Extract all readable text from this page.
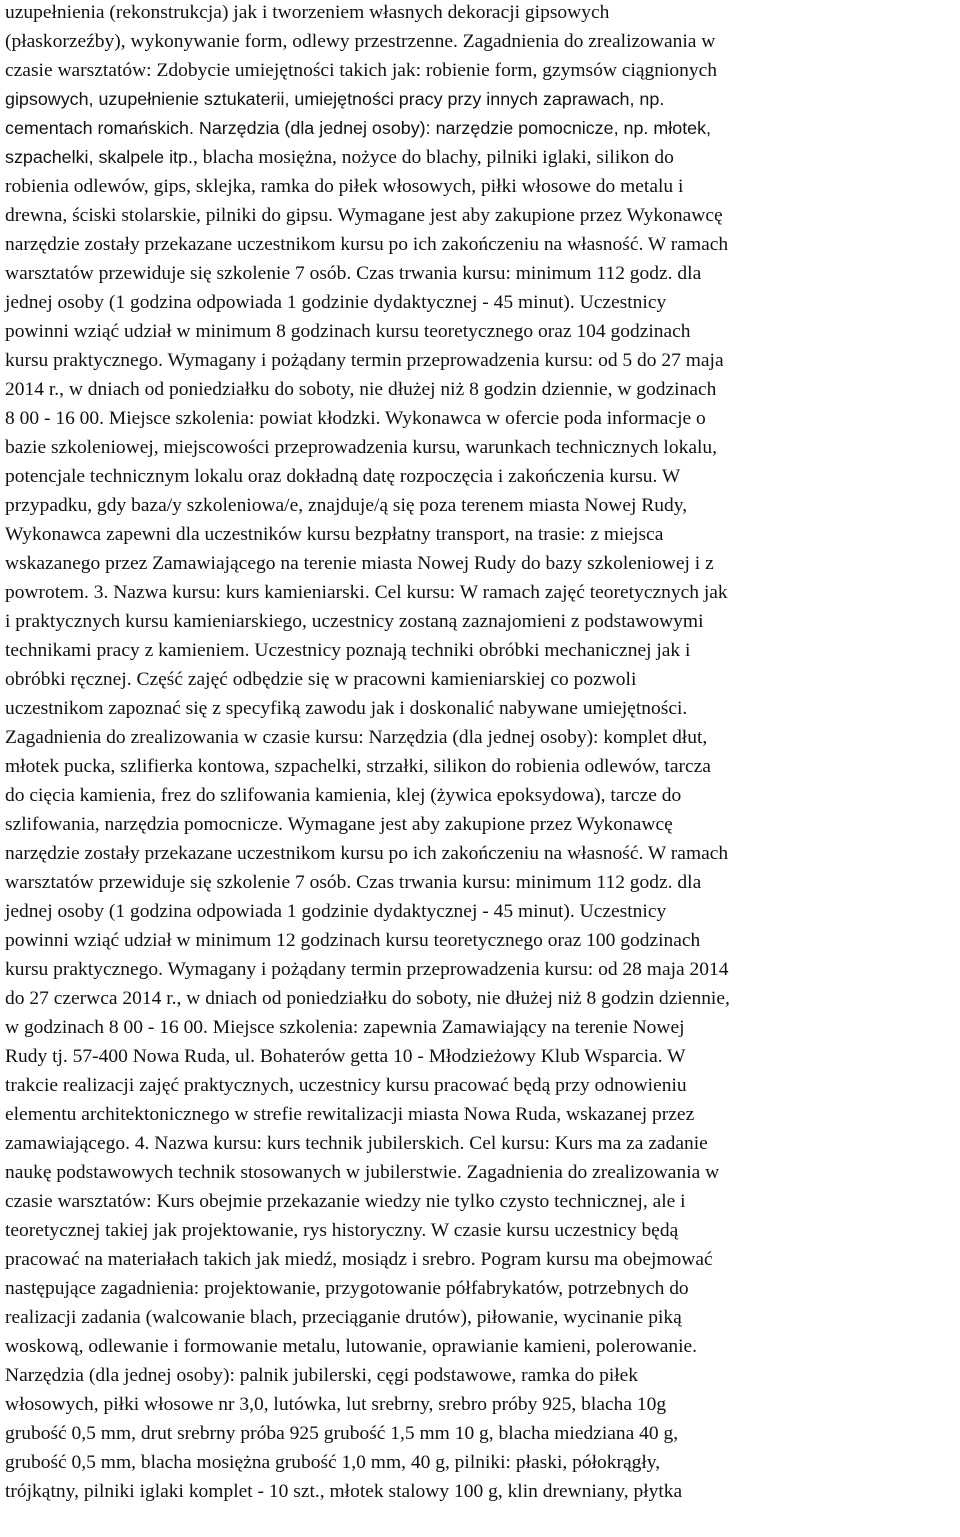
uzupełnienia (rekonstrukcja) jak i tworzeniem własnych dekoracji gipsowych
(płaskorzeźby), wykonywanie form, odlewy przestrzenne. Zagadnienia do zrealizowania w
czasie warsztatów: Zdobycie umiejętności takich jak: robienie form, gzymsów ciągnionych
gipsowych, uzupełnienie sztukaterii, umiejętności pracy przy innych zaprawach, np.
cementach romańskich. Narzędzia (dla jednej osoby): narzędzie pomocnicze, np. młotek,
szpachelki, skalpele itp., blacha mosiężna, nożyce do blachy, pilniki iglaki, silikon do
robienia odlewów, gips, sklejka, ramka do piłek włosowych, piłki włosowe do metalu i
drewna, ściski stolarskie, pilniki do gipsu. Wymagane jest aby zakupione przez Wykonawcę
narzędzie zostały przekazane uczestnikom kursu po ich zakończeniu na własność. W ramach
warsztatów przewiduje się szkolenie 7 osób. Czas trwania kursu: minimum 112 godz. dla
jednej osoby (1 godzina odpowiada 1 godzinie dydaktycznej - 45 minut). Uczestnicy
powinni wziąć udział w minimum 8 godzinach kursu teoretycznego oraz 104 godzinach
kursu praktycznego. Wymagany i pożądany termin przeprowadzenia kursu: od 5 do 27 maja
2014 r., w dniach od poniedziałku do soboty, nie dłużej niż 8 godzin dziennie, w godzinach
8 00 - 16 00. Miejsce szkolenia: powiat kłodzki. Wykonawca w ofercie poda informacje o
bazie szkoleniowej, miejscowości przeprowadzenia kursu, warunkach technicznych lokalu,
potencjale technicznym lokalu oraz dokładną datę rozpoczęcia i zakończenia kursu. W
przypadku, gdy baza/y szkoleniowa/e, znajduje/ą się poza terenem miasta Nowej Rudy,
Wykonawca zapewni dla uczestników kursu bezpłatny transport, na trasie: z miejsca
wskazanego przez Zamawiającego na terenie miasta Nowej Rudy do bazy szkoleniowej i z
powrotem. 3. Nazwa kursu: kurs kamieniarski. Cel kursu: W ramach zajęć teoretycznych jak
i praktycznych kursu kamieniarskiego, uczestnicy zostaną zaznajomieni z podstawowymi
technikami pracy z kamieniem. Uczestnicy poznają techniki obróbki mechanicznej jak i
obróbki ręcznej. Część zajęć odbędzie się w pracowni kamieniarskiej co pozwoli
uczestnikom zapoznać się z specyfiką zawodu jak i doskonalić nabywane umiejętności.
Zagadnienia do zrealizowania w czasie kursu: Narzędzia (dla jednej osoby): komplet dłut,
młotek pucka, szlifierka kontowa, szpachelki, strzałki, silikon do robienia odlewów, tarcza
do cięcia kamienia, frez do szlifowania kamienia, klej (żywica epoksydowa), tarcze do
szlifowania, narzędzia pomocnicze. Wymagane jest aby zakupione przez Wykonawcę
narzędzie zostały przekazane uczestnikom kursu po ich zakończeniu na własność. W ramach
warsztatów przewiduje się szkolenie 7 osób. Czas trwania kursu: minimum 112 godz. dla
jednej osoby (1 godzina odpowiada 1 godzinie dydaktycznej - 45 minut). Uczestnicy
powinni wziąć udział w minimum 12 godzinach kursu teoretycznego oraz 100 godzinach
kursu praktycznego. Wymagany i pożądany termin przeprowadzenia kursu: od 28 maja 2014
do 27 czerwca 2014 r., w dniach od poniedziałku do soboty, nie dłużej niż 8 godzin dziennie,
w godzinach 8 00 - 16 00. Miejsce szkolenia: zapewnia Zamawiający na terenie Nowej
Rudy tj. 57-400 Nowa Ruda, ul. Bohaterów getta 10 - Młodzieżowy Klub Wsparcia. W
trakcie realizacji zajęć praktycznych, uczestnicy kursu pracować będą przy odnowieniu
elementu architektonicznego w strefie rewitalizacji miasta Nowa Ruda, wskazanej przez
zamawiającego. 4. Nazwa kursu: kurs technik jubilerskich. Cel kursu: Kurs ma za zadanie
naukę podstawowych technik stosowanych w jubilerstwie. Zagadnienia do zrealizowania w
czasie warsztatów: Kurs obejmie przekazanie wiedzy nie tylko czysto technicznej, ale i
teoretycznej takiej jak projektowanie, rys historyczny. W czasie kursu uczestnicy będą
pracować na materiałach takich jak miedź, mosiądz i srebro. Pogram kursu ma obejmować
następujące zagadnienia: projektowanie, przygotowanie półfabrykatów, potrzebnych do
realizacji zadania (walcowanie blach, przeciąganie drutów), piłowanie, wycinanie piką
woskową, odlewanie i formowanie metalu, lutowanie, oprawianie kamieni, polerowanie.
Narzędzia (dla jednej osoby): palnik jubilerski, cęgi podstawowe, ramka do piłek
włosowych, piłki włosowe nr 3,0, lutówka, lut srebrny, srebro próby 925, blacha 10g
grubość 0,5 mm, drut srebrny próba 925 grubość 1,5 mm 10 g, blacha miedziana 40 g,
grubość 0,5 mm, blacha mosiężna grubość 1,0 mm, 40 g, pilniki: płaski, półokrągły,
trójkątny, pilniki iglaki komplet - 10 szt., młotek stalowy 100 g, klin drewniany, płytka
